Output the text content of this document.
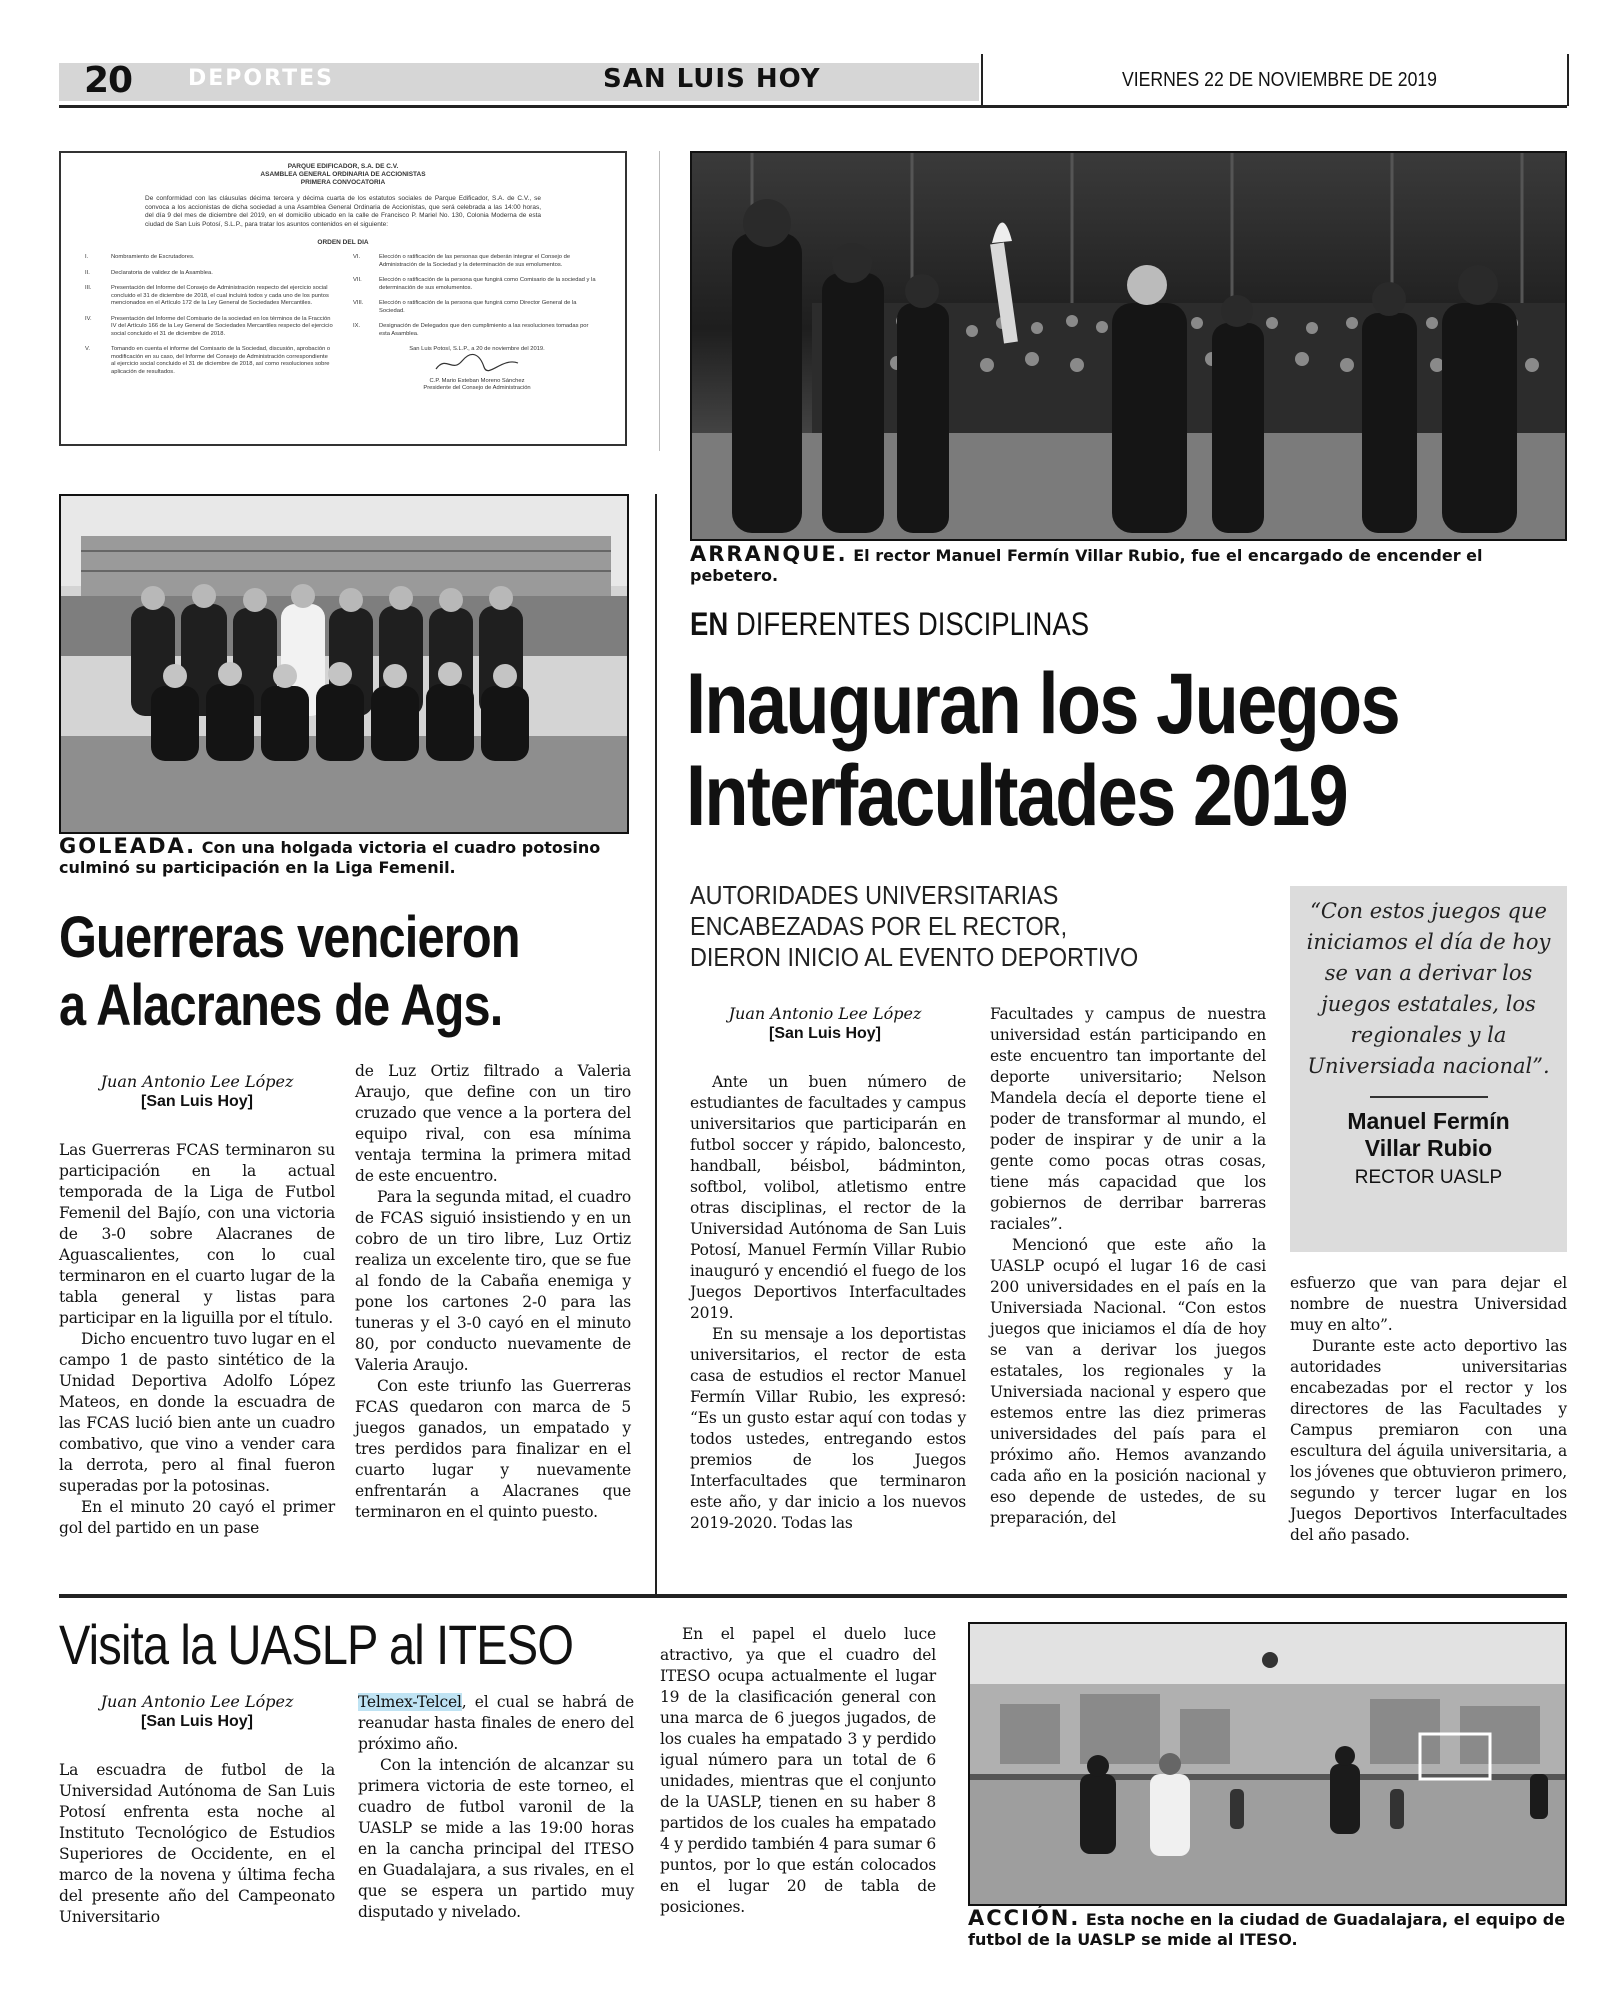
20	DEPORTES	SAN LUIS HOY	VIERNES 22 DE NOVIEMBRE DE 2019
PARQUE EDIFICADOR, S.A. DE C.V.
ASAMBLEA GENERAL ORDINARIA DE ACCIONISTAS
PRIMERA CONVOCATORIA
De conformidad con las cláusulas décima tercera y décima cuarta de los estatutos sociales de Parque Edificador, S.A. de C.V., se convoca a los accionistas de dicha sociedad a una Asamblea General Ordinaria de Accionistas, que será celebrada a las 14:00 horas, del día 9 del mes de diciembre del 2019, en el domicilio ubicado en la calle de Francisco P. Mariel No. 130, Colonia Moderna de esta ciudad de San Luis Potosí, S.L.P., para tratar los asuntos contenidos en el siguiente:
ORDEN DEL DIA
I.	Nombramiento de Escrutadores.
II.	Declaratoria de validez de la Asamblea.
III.	Presentación del Informe del Consejo de Administración respecto del ejercicio social concluido el 31 de diciembre de 2018, el cual incluirá todos y cada uno de los puntos mencionados en el Artículo 172 de la Ley General de Sociedades Mercantiles.
IV.	Presentación del Informe del Comisario de la sociedad en los términos de la Fracción IV del Artículo 166 de la Ley General de Sociedades Mercantiles respecto del ejercicio social concluido el 31 de diciembre de 2018.
V.	Tomando en cuenta el informe del Comisario de la Sociedad, discusión, aprobación o modificación en su caso, del Informe del Consejo de Administración correspondiente al ejercicio social concluido el 31 de diciembre de 2018, así como resoluciones sobre aplicación de resultados.
VI.	Elección o ratificación de las personas que deberán integrar el Consejo de Administración de la Sociedad y la determinación de sus emolumentos.
VII.	Elección o ratificación de la persona que fungirá como Comisario de la sociedad y la determinación de sus emolumentos.
VIII.	Elección o ratificación de la persona que fungirá como Director General de la Sociedad.
IX.	Designación de Delegados que den cumplimiento a las resoluciones tomadas por esta Asamblea.
San Luis Potosí, S.L.P., a 20 de noviembre del 2019.
C.P. Mario Esteban Moreno Sánchez
Presidente del Consejo de Administración
ARRANQUE. El rector Manuel Fermín Villar Rubio, fue el encargado de encender el pebetero.
GOLEADA. Con una holgada victoria el cuadro potosino culminó su participación en la Liga Femenil.
EN DIFERENTES DISCIPLINAS
Inauguran los Juegos
Interfacultades 2019
AUTORIDADES UNIVERSITARIAS
ENCABEZADAS POR EL RECTOR,
DIERON INICIO AL EVENTO DEPORTIVO
Juan Antonio Lee López
[San Luis Hoy]

Ante un buen número de estudiantes de facultades y campus universitarios que participarán en futbol soccer y rápido, baloncesto, handball, béisbol, bádminton, softbol, volibol, atletismo entre otras disciplinas, el rector de la Universidad Autónoma de San Luis Potosí, Manuel Fermín Villar Rubio inauguró y encendió el fuego de los Juegos Deportivos Interfacultades 2019.

En su mensaje a los deportistas universitarios, el rector de esta casa de estudios el rector Manuel Fermín Villar Rubio, les expresó: “Es un gusto estar aquí con todas y todos ustedes, entregando estos premios de los Juegos Interfacultades que terminaron este año, y dar inicio a los nuevos 2019-2020. Todas las

Facultades y campus de nuestra universidad están participando en este encuentro tan importante del deporte universitario; Nelson Mandela decía el deporte tiene el poder de transformar al mundo, el poder de inspirar y de unir a la gente como pocas otras cosas, tiene más capacidad que los gobiernos de derribar barreras raciales”.

Mencionó que este año la UASLP ocupó el lugar 16 de casi 200 universidades en el país en la Universiada Nacional. “Con estos juegos que iniciamos el día de hoy se van a derivar los juegos estatales, los regionales y la Universiada nacional y espero que estemos entre las diez primeras universidades del país para el próximo año. Hemos avanzando cada año en la posición nacional y eso depende de ustedes, de su preparación, del

“Con estos juegos que iniciamos el día de hoy se van a derivar los juegos estatales, los regionales y la Universiada nacional”.
Manuel Fermín
Villar Rubio
RECTOR UASLP

esfuerzo que van para dejar el nombre de nuestra Universidad muy en alto”.

Durante este acto deportivo las autoridades universitarias encabezadas por el rector y los directores de las Facultades y Campus premiaron con una escultura del águila universitaria, a los jóvenes que obtuvieron primero, segundo y tercer lugar en los Juegos Deportivos Interfacultades del año pasado.

Guerreras vencieron
a Alacranes de Ags.
Juan Antonio Lee López
[San Luis Hoy]

Las Guerreras FCAS terminaron su participación en la actual temporada de la Liga de Futbol Femenil del Bajío, con una victoria de 3-0 sobre Alacranes de Aguascalientes, con lo cual terminaron en el cuarto lugar de la tabla general y listas para participar en la liguilla por el título.

Dicho encuentro tuvo lugar en el campo 1 de pasto sintético de la Unidad Deportiva Adolfo López Mateos, en donde la escuadra de las FCAS lució bien ante un cuadro combativo, que vino a vender cara la derrota, pero al final fueron superadas por la potosinas.

En el minuto 20 cayó el primer gol del partido en un pase

de Luz Ortiz filtrado a Valeria Araujo, que define con un tiro cruzado que vence a la portera del equipo rival, con esa mínima ventaja termina la primera mitad de este encuentro.

Para la segunda mitad, el cuadro de FCAS siguió insistiendo y en un cobro de un tiro libre, Luz Ortiz realiza un excelente tiro, que se fue al fondo de la Cabaña enemiga y pone los cartones 2-0 para las tuneras y el 3-0 cayó en el minuto 80, por conducto nuevamente de Valeria Araujo.

Con este triunfo las Guerreras FCAS quedaron con marca de 5 juegos ganados, un empatado y tres perdidos para finalizar en el cuarto lugar y nuevamente enfrentarán a Alacranes que terminaron en el quinto puesto.

Visita la UASLP al ITESO
Juan Antonio Lee López
[San Luis Hoy]

La escuadra de futbol de la Universidad Autónoma de San Luis Potosí enfrenta esta noche al Instituto Tecnológico de Estudios Superiores de Occidente, en el marco de la novena y última fecha del presente año del Campeonato Universitario

Telmex-Telcel, el cual se habrá de reanudar hasta finales de enero del próximo año.

Con la intención de alcanzar su primera victoria de este torneo, el cuadro de futbol varonil de la UASLP se mide a las 19:00 horas en la cancha principal del ITESO en Guadalajara, a sus rivales, en el que se espera un partido muy disputado y nivelado.

En el papel el duelo luce atractivo, ya que el cuadro del ITESO ocupa actualmente el lugar 19 de la clasificación general con una marca de 6 juegos jugados, de los cuales ha empatado 3 y perdido igual número para un total de 6 unidades, mientras que el conjunto de la UASLP, tienen en su haber 8 partidos de los cuales ha empatado 4 y perdido también 4 para sumar 6 puntos, por lo que están colocados en el lugar 20 de tabla de posiciones.	ACCIÓN. Esta noche en la ciudad de Guadalajara, el equipo de futbol de la UASLP se mide al ITESO.
